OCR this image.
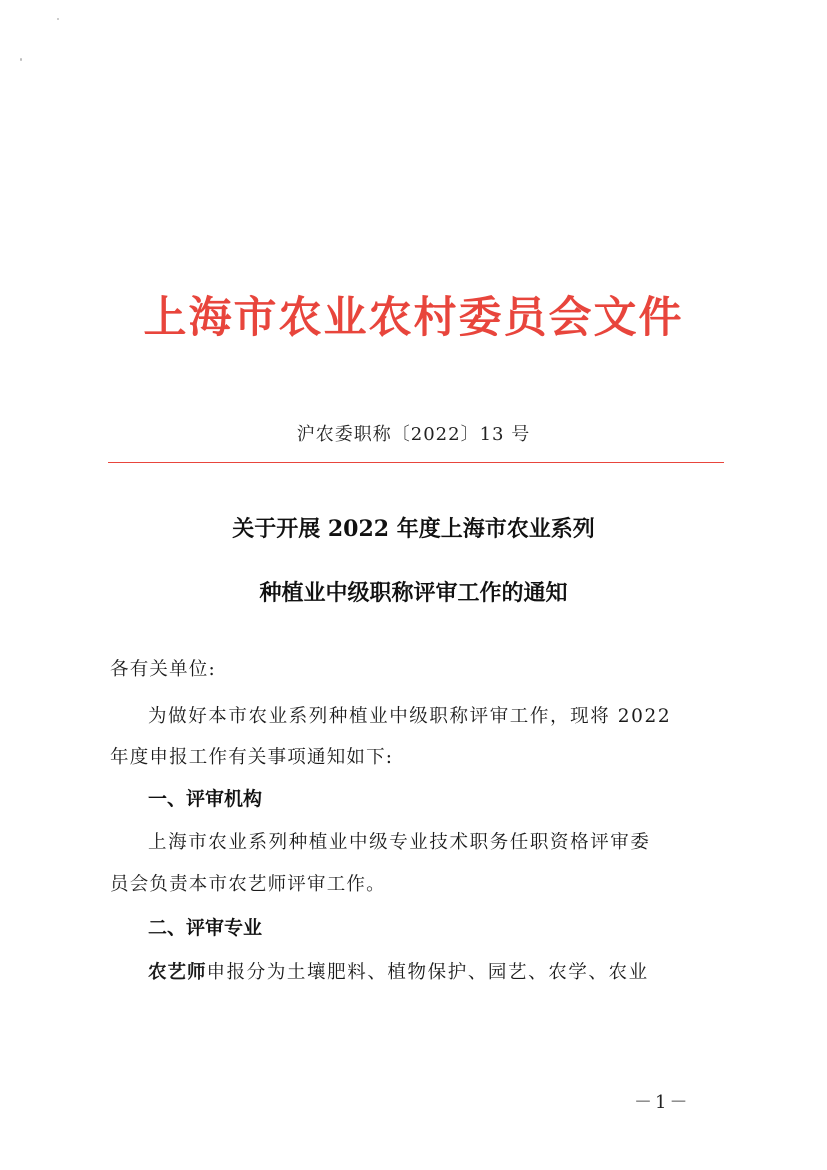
上海市农业农村委员会文件
沪农委职称〔2022〕13 号
关于开展 2022 年度上海市农业系列
种植业中级职称评审工作的通知
各有关单位:
为做好本市农业系列种植业中级职称评审工作，现将 2022
年度申报工作有关事项通知如下:
一、评审机构
上海市农业系列种植业中级专业技术职务任职资格评审委
员会负责本市农艺师评审工作。
二、评审专业
农艺师申报分为土壤肥料、植物保护、园艺、农学、农业
－1－
